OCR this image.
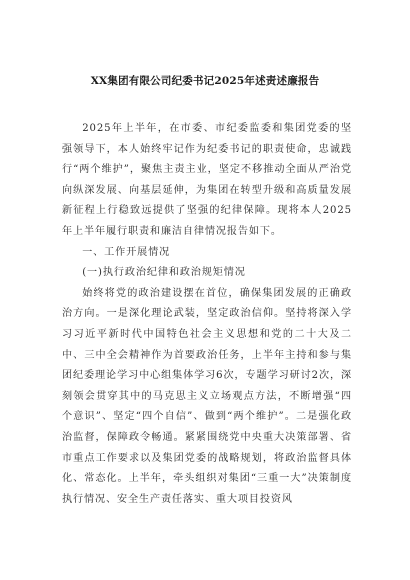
XX集团有限公司纪委书记2025年述责述廉报告

2025年上半年，在市委、市纪委监委和集团党委的坚强领导下，本人始终牢记作为纪委书记的职责使命，忠诚践行“两个维护”，聚焦主责主业，坚定不移推动全面从严治党向纵深发展、向基层延伸，为集团在转型升级和高质量发展新征程上行稳致远提供了坚强的纪律保障。现将本人2025年上半年履行职责和廉洁自律情况报告如下。

一、工作开展情况

(一)执行政治纪律和政治规矩情况

始终将党的政治建设摆在首位，确保集团发展的正确政治方向。一是深化理论武装，坚定政治信仰。坚持将深入学习习近平新时代中国特色社会主义思想和党的二十大及二中、三中全会精神作为首要政治任务，上半年主持和参与集团纪委理论学习中心组集体学习6次，专题学习研讨2次，深刻领会贯穿其中的马克思主义立场观点方法，不断增强“四个意识”、坚定“四个自信”、做到“两个维护”。二是强化政治监督，保障政令畅通。紧紧围绕党中央重大决策部署、省市重点工作要求以及集团党委的战略规划，将政治监督具体化、常态化。上半年，牵头组织对集团“三重一大”决策制度执行情况、安全生产责任落实、重大项目投资风
